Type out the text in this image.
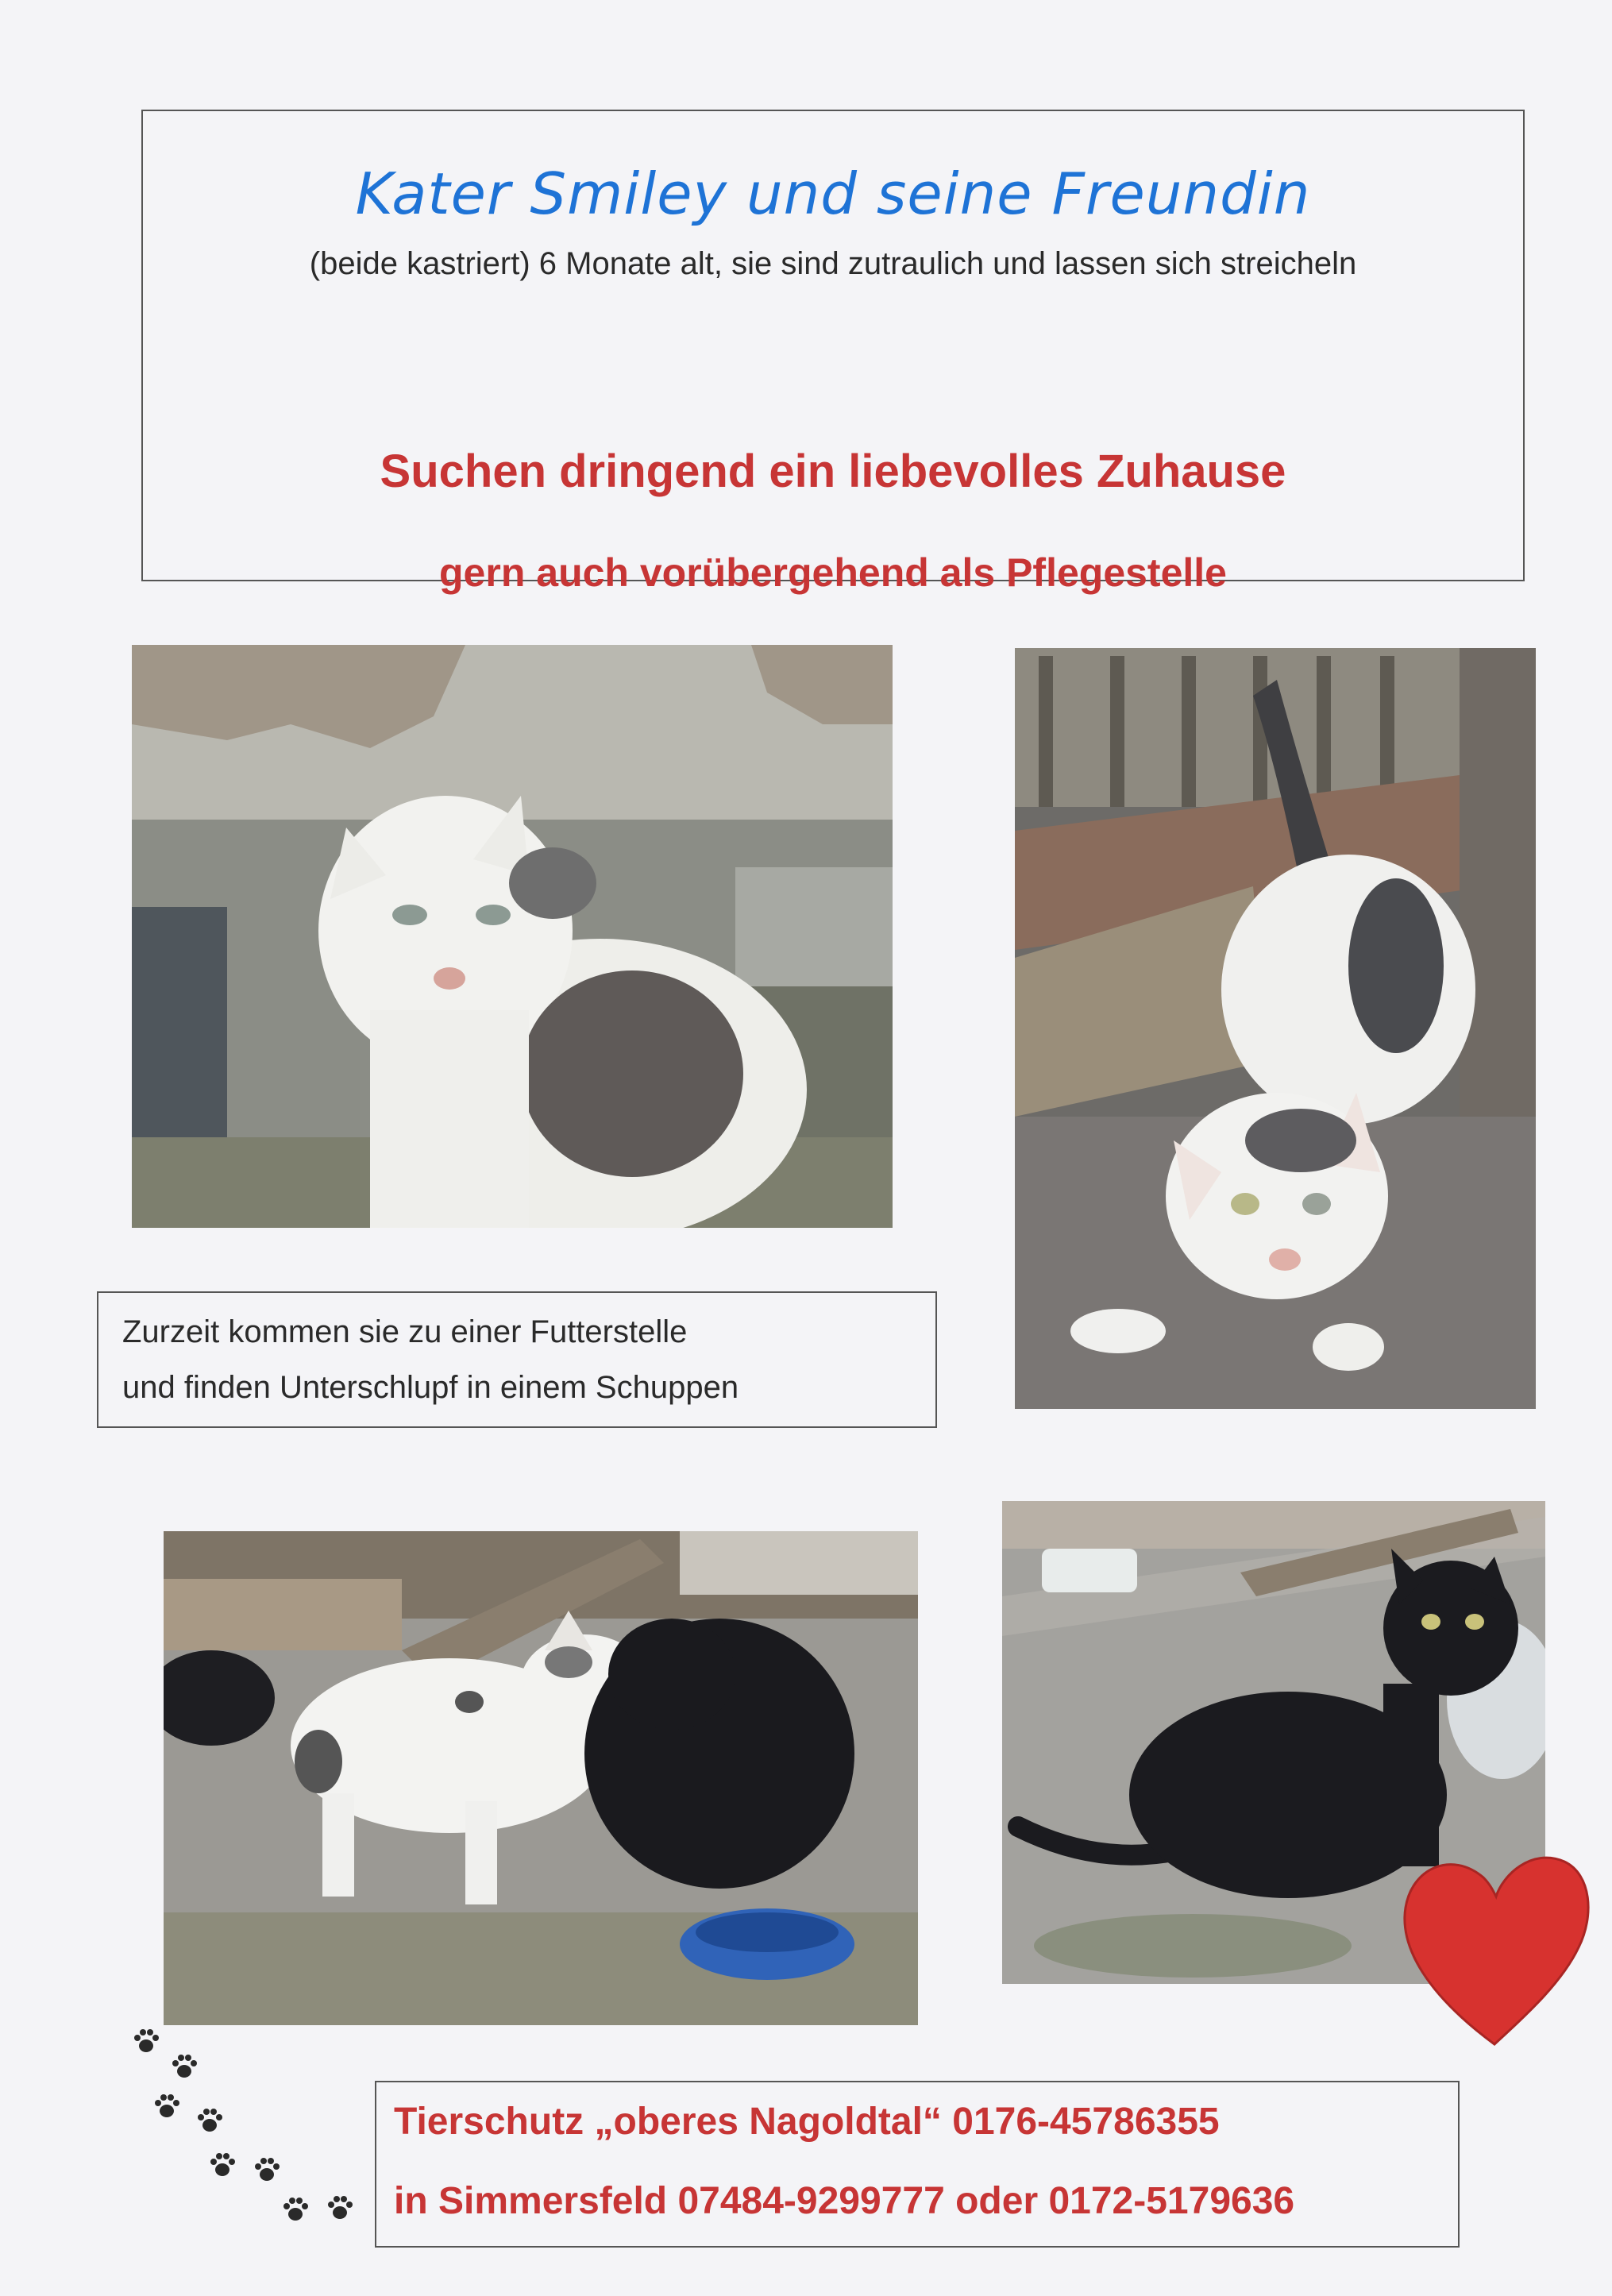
Kater Smiley und seine Freundin
(beide kastriert) 6 Monate alt, sie sind zutraulich und lassen sich streicheln
Suchen dringend ein liebevolles Zuhause
gern auch vorübergehend als Pflegestelle
Zurzeit kommen sie zu einer Futterstelle
und finden Unterschlupf in einem Schuppen
Tierschutz „oberes Nagoldtal“ 0176-45786355
in Simmersfeld 07484-9299777 oder 0172-5179636
